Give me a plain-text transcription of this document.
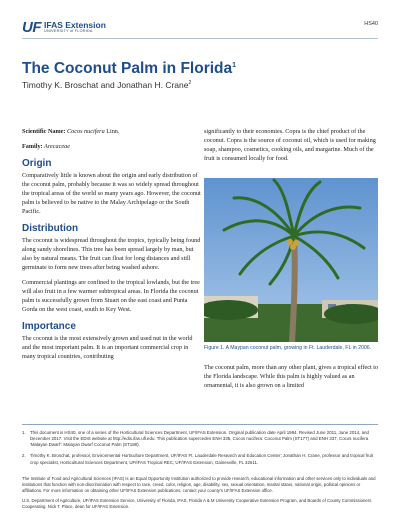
UF IFAS Extension
UNIVERSITY of FLORIDA
HS40
The Coconut Palm in Florida$^1$
Timothy K. Broschat and Jonathan H. Crane$^2$

Scientific Name: Cocos nucifera Linn.

Family: Arecaceae

Origin

Comparatively little is known about the origin and early distribution of the coconut palm, probably because it was so widely spread throughout the tropical areas of the world so many years ago. However, the coconut palm is believed to be native to the Malay Archipelago or the South Pacific.

Distribution

The coconut is widespread throughout the tropics, typically being found along sandy shorelines. This tree has been spread largely by man, but also by natural means. The fruit can float for long distances and still germinate to form new trees after being washed ashore.

Commercial plantings are confined to the tropical lowlands, but the tree will also fruit in a few warmer subtropical areas. In Florida the coconut palm is successfully grown from Stuart on the east coast and Punta Gorda on the west coast, south to Key West.

Importance

The coconut is the most extensively grown and used nut in the world and the most important palm. It is an important commercial crop in many tropical countries, contributing

significantly to their economies. Copra is the chief product of the coconut. Copra is the source of coconut oil, which is used for making soap, shampoo, cosmetics, cooking oils, and margarine. Much of the fruit is consumed locally for food.

Figure 1. A Maypan coconut palm, growing in Ft. Lauderdale, FL in 2006.

The coconut palm, more than any other plant, gives a tropical effect to the Florida landscape. While this palm is highly valued as an ornamental, it is also grown on a limited

1. This document is HS40, one of a series of the Horticultural Sciences Department, UF/IFAS Extension. Original publication date April 1984. Revised June 2011, June 2014, and December 2017. Visit the EDIS website at http://edis.ifas.ufl.edu. This publication supercedes ENH 336, Cocos nucifera: Coconut Palm (ST177) and ENH 337, Cocos nucifera 'Malayan Dwarf': Malayan Dwarf Coconut Palm (ST188).
2. Timothy K. Broschat, professor, Environmental Horticulture Department, UF/IFAS Ft. Lauderdale Research and Education Center; Jonathan H. Crane, professor and tropical fruit crop specialist, Horticultural Sciences Department, UF/IFAS Tropical REC; UF/IFAS Extension, Gainesville, FL 32611.

The Institute of Food and Agricultural Sciences (IFAS) is an Equal Opportunity Institution authorized to provide research, educational information and other services only to individuals and institutions that function with non-discrimination with respect to race, creed, color, religion, age, disability, sex, sexual orientation, marital status, national origin, political opinions or affiliations. For more information on obtaining other UF/IFAS Extension publications, contact your county's UF/IFAS Extension office.

U.S. Department of Agriculture, UF/IFAS Extension Service, University of Florida, IFAS, Florida A & M University Cooperative Extension Program, and Boards of County Commissioners Cooperating. Nick T. Place, dean for UF/IFAS Extension.
